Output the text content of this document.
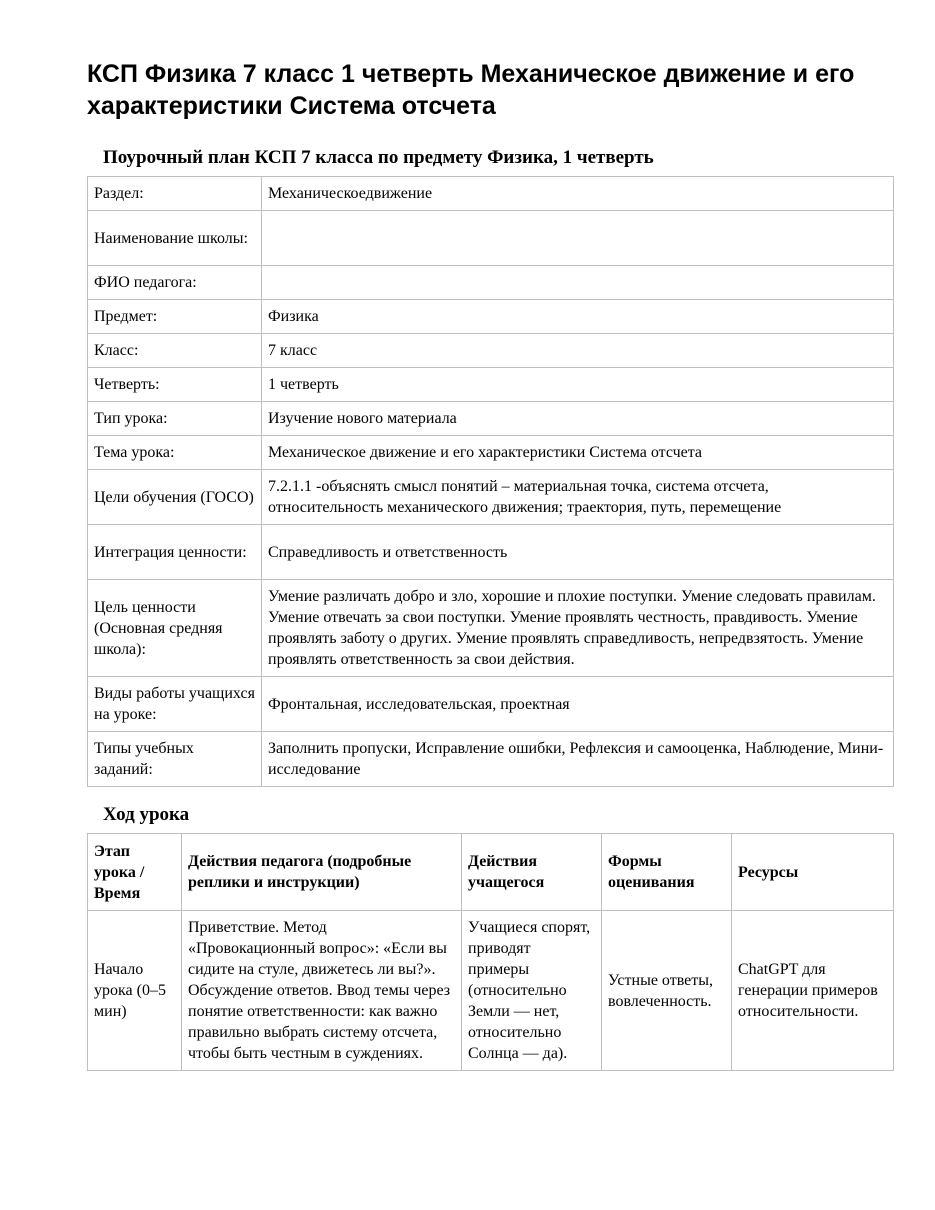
КСП Физика 7 класс 1 четверть Механическое движение и его характеристики Система отсчета
Поурочный план КСП 7 класса по предмету Физика, 1 четверть
Раздел:	Механическоедвижение
Наименование школы:	
ФИО педагога:	
Предмет:	Физика
Класс:	7 класс
Четверть:	1 четверть
Тип урока:	Изучение нового материала
Тема урока:	Механическое движение и его характеристики Система отсчета
Цели обучения (ГОСО)	7.2.1.1 -объяснять смысл понятий – материальная точка, система отсчета, относительность механического движения; траектория, путь, перемещение
Интеграция ценности:	Справедливость и ответственность
Цель ценности (Основная средняя школа):	Умение различать добро и зло, хорошие и плохие поступки. Умение следовать правилам. Умение отвечать за свои поступки. Умение проявлять честность, правдивость. Умение проявлять заботу о других. Умение проявлять справедливость, непредвзятость. Умение проявлять ответственность за свои действия.
Виды работы учащихся на уроке:	Фронтальная, исследовательская, проектная
Типы учебных заданий:	Заполнить пропуски, Исправление ошибки, Рефлексия и самооценка, Наблюдение, Мини-исследование
Ход урока
Этап урока / Время	Действия педагога (подробные реплики и инструкции)	Действия учащегося	Формы оценивания	Ресурсы
Начало урока (0–5 мин)	Приветствие. Метод «Провокационный вопрос»: «Если вы сидите на стуле, движетесь ли вы?». Обсуждение ответов. Ввод темы через понятие ответственности: как важно правильно выбрать систему отсчета, чтобы быть честным в суждениях.	Учащиеся спорят, приводят примеры (относительно Земли — нет, относительно Солнца — да).	Устные ответы, вовлеченность.	ChatGPT для генерации примеров относительности.
